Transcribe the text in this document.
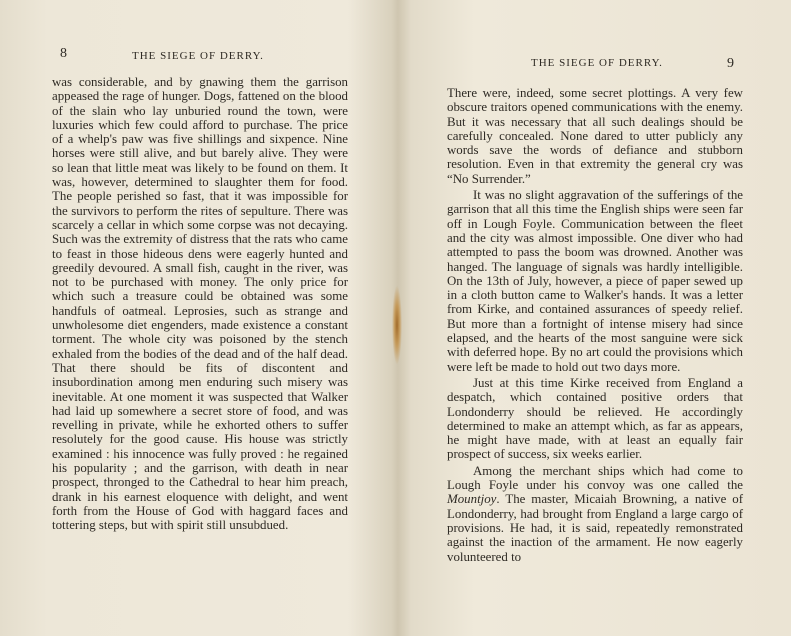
8	THE SIEGE OF DERRY.

was considerable, and by gnawing them the garrison appeased the rage of hunger. Dogs, fattened on the blood of the slain who lay unburied round the town, were luxuries which few could afford to purchase. The price of a whelp's paw was five shillings and sixpence. Nine horses were still alive, and but barely alive. They were so lean that little meat was likely to be found on them. It was, however, determined to slaughter them for food. The people perished so fast, that it was impossible for the survivors to perform the rites of sepulture. There was scarcely a cellar in which some corpse was not decaying. Such was the extremity of distress that the rats who came to feast in those hideous dens were eagerly hunted and greedily devoured. A small fish, caught in the river, was not to be purchased with money. The only price for which such a treasure could be obtained was some handfuls of oatmeal. Leprosies, such as strange and unwholesome diet engenders, made existence a constant torment. The whole city was poisoned by the stench exhaled from the bodies of the dead and of the half dead. That there should be fits of discontent and insubordination among men enduring such misery was inevitable. At one moment it was suspected that Walker had laid up somewhere a secret store of food, and was revelling in private, while he exhorted others to suffer resolutely for the good cause. His house was strictly examined : his innocence was fully proved : he regained his popularity ; and the garrison, with death in near prospect, thronged to the Cathedral to hear him preach, drank in his earnest eloquence with delight, and went forth from the House of God with haggard faces and tottering steps, but with spirit still unsubdued.

THE SIEGE OF DERRY.	9

There were, indeed, some secret plottings. A very few obscure traitors opened communications with the enemy. But it was necessary that all such dealings should be carefully concealed. None dared to utter publicly any words save the words of defiance and stubborn resolution. Even in that extremity the general cry was “No Surrender.”

It was no slight aggravation of the sufferings of the garrison that all this time the English ships were seen far off in Lough Foyle. Communication between the fleet and the city was almost impossible. One diver who had attempted to pass the boom was drowned. Another was hanged. The language of signals was hardly intelligible. On the 13th of July, however, a piece of paper sewed up in a cloth button came to Walker's hands. It was a letter from Kirke, and contained assurances of speedy relief. But more than a fortnight of intense misery had since elapsed, and the hearts of the most sanguine were sick with deferred hope. By no art could the provisions which were left be made to hold out two days more.

Just at this time Kirke received from England a despatch, which contained positive orders that Londonderry should be relieved. He accordingly determined to make an attempt which, as far as appears, he might have made, with at least an equally fair prospect of success, six weeks earlier.

Among the merchant ships which had come to Lough Foyle under his convoy was one called the Mountjoy. The master, Micaiah Browning, a native of Londonderry, had brought from England a large cargo of provisions. He had, it is said, repeatedly remonstrated against the inaction of the armament. He now eagerly volunteered to
